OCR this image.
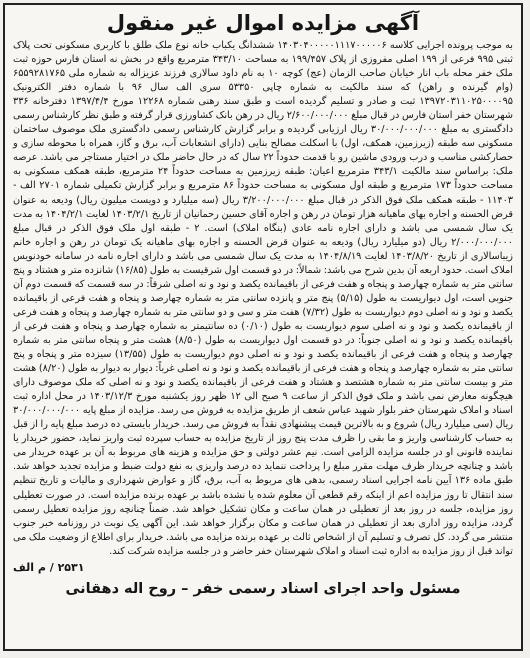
آگهی مزایده اموال غیر منقول

به موجب پرونده اجرایی کلاسه ۱۴۰۳۰۴۰۰۰۰۰۱۱۱۷۰۰۰۰۰۶ ششدانگ یکباب خانه نوع ملک طلق با کاربری مسکونی تحت پلاک ثبتی ۹۹۵ فرعی از ۱۹۹ اصلی مفروزی از پلاک ۱۹۹/۴۵۷ به مساحت ۳۴۳/۱۰ مترمربع واقع در بخش نه استان فارس حوزه ثبت ملک خفر محله باب انار خیابان صاحب الزمان (عج) کوچه ۱۰ به نام داود سالاری فرزند عزیزاله به شماره ملی ۶۵۵۹۲۸۱۷۶۵ (وام گیرنده و راهن) که سند مالکیت به شماره چاپی ۵۳۳۵۰ سری الف سال ۹۶ با شماره دفتر الکترونیک ۱۳۹۷۲۰۳۱۱۰۲۵۰۰۰۰۹۵ ثبت و صادر و تسلیم گردیده است و طبق سند رهنی شماره ۱۲۲۶۸ مورخ ۱۳۹۷/۴/۴ دفترخانه ۳۳۶ شهرستان خفر استان فارس در قبال مبلغ ۲/۶۰۰/۰۰۰/۰۰۰ ریال در رهن بانک کشاورزی قرار گرفته و طبق نظر کارشناس رسمی دادگستری به مبلغ ۳۰/۰۰۰/۰۰۰/۰۰۰ ریال ارزیابی گردیده و برابر گزارش کارشناس رسمی دادگستری ملک موصوف ساختمان مسکونی سه طبقه (زیرزمین، همکف، اول) با اسکلت مصالح بنایی (دارای انشعابات آب، برق و گاز، همراه با محوطه سازی و حصارکشی مناسب و درب ورودی ماشین رو با قدمت حدوداً ۲۲ سال که در حال حاضر ملک در اختیار مستاجر می باشد. عرصه ملک: براساس سند مالکیت ۳۴۳/۱ مترمربع اعیان: طبقه زیرزمین به مساحت حدوداً ۲۴ مترمربع، طبقه همکف مسکونی به مساحت حدوداً ۱۷۳ مترمربع و طبقه اول مسکونی به مساحت حدوداً ۸۶ مترمربع و برابر گزارش تکمیلی شماره ۲۷۰۱ الف - ۱۱۴۰۳ - طبقه همکف ملک فوق الذکر در قبال مبلغ ۳/۲۰۰/۰۰۰/۰۰۰ ریال (سه میلیارد و دویست میلیون ریال) ودیعه به عنوان قرض الحسنه و اجاره بهای ماهیانه هزار تومان در رهن و اجاره آقای حسین رحمانیان از تاریخ ۱۴۰۳/۲/۱ لغایت ۱۴۰۴/۲/۱ به مدت یک سال شمسی می باشد و دارای اجاره نامه عادی (بنگاه املاک) است. ۲ - طبقه اول ملک فوق الذکر در قبال مبلغ ۲/۰۰۰/۰۰۰/۰۰۰ ریال (دو میلیارد ریال) ودیعه به عنوان قرض الحسنه و اجاره بهای ماهیانه یک تومان در رهن و اجاره خانم زیباسالاری از تاریخ ۱۴۰۳/۸/۲۰ لغایت ۱۴۰۴/۸/۱۹ به مدت یک سال شمسی می باشد و دارای اجاره نامه در سامانه خودنویس املاک است. حدود اربعه آن بدین شرح می باشد: شمالاً: در دو قسمت اول شرقیست به طول (۱۶/۸۵) شانزده متر و هشتاد و پنج سانتی متر به شماره چهارصد و پنجاه و هفت فرعی از باقیمانده یکصد و نود و نه اصلی شرقاً: در سه قسمت که قسمت دوم آن جنوبی است، اول دیواریست به طول (۵/۱۵) پنج متر و پانزده سانتی متر به شماره چهارصد و پنجاه و هفت فرعی از باقیمانده یکصد و نود و نه اصلی دوم دیواریست به طول (۷/۳۲) هفت متر و سی و دو سانتی متر به شماره چهارصد و پنجاه و هفت فرعی از باقیمانده یکصد و نود و نه اصلی سوم دیواریست به طول (۰/۱۰) ده سانتیمتر به شماره چهارصد و پنجاه و هفت فرعی از باقیمانده یکصد و نود و نه اصلی جنوباً: در دو قسمت اول دیواریست به طول (۸/۵۰) هشت متر و پنجاه سانتی متر به شماره چهارصد و پنجاه و هفت فرعی از باقیمانده یکصد و نود و نه اصلی دوم دیواریست به طول (۱۳/۵۵) سیزده متر و پنجاه و پنج سانتی متر به شماره چهارصد و پنجاه و هفت فرعی از باقیمانده یکصد و نود و نه اصلی غرباً: دیوار به دیوار به طول (۸/۲۰) هشت متر و بیست سانتی متر به شماره هشتصد و هشتاد و هفت فرعی از باقیمانده یکصد و نود و نه اصلی که ملک موصوف دارای هیچگونه معارض نمی باشد و ملک فوق الذکر از ساعت ۹ صبح الی ۱۲ ظهر روز یکشنبه مورخ ۱۴۰۳/۱۲/۳ در محل اداره ثبت اسناد و املاک شهرستان خفر بلوار شهید عباس شعف از طریق مزایده به فروش می رسد. مزایده از مبلغ پایه ۳۰/۰۰۰/۰۰۰/۰۰۰ ریال (سی میلیارد ریال) شروع و به بالاترین قیمت پیشنهادی نقداً به فروش می رسد. خریدار بایستی ده درصد مبلغ پایه را از قبل به حساب کارشناسی واریز و ما بقی را ظرف مدت پنج روز از تاریخ مزایده به حساب سپرده ثبت واریز نماید، حضور خریدار یا نماینده قانونی او در جلسه مزایده الزامی است. نیم عشر دولتی و حق مزایده و هزینه های مربوط به آن بر عهده خریدار می باشد و چنانچه خریدار ظرف مهلت مقرر مبلغ را پرداخت ننماید ده درصد واریزی به نفع دولت ضبط و مزایده تجدید خواهد شد. طبق ماده ۱۳۶ آیین نامه اجرایی اسناد رسمی، بدهی های مربوط به آب، برق، گاز و عوارض شهرداری و مالیات و تاریخ تنظیم سند انتقال تا روز مزایده اعم از اینکه رقم قطعی آن معلوم شده یا نشده باشد بر عهده برنده مزایده است. در صورت تعطیلی روز مزایده، جلسه در روز بعد از تعطیلی در همان ساعت و مکان تشکیل خواهد شد. ضمناً چنانچه روز مزایده تعطیل رسمی گردد، مزایده روز اداری بعد از تعطیلی در همان ساعت و مکان برگزار خواهد شد. این آگهی یک نوبت در روزنامه خبر جنوب منتشر می گردد. کل تصرف و تسلیم آن از اشخاص ثالث بر عهده برنده مزایده می باشد. خریدار برای اطلاع از وضعیت ملک می تواند قبل از روز مزایده به اداره ثبت اسناد و املاک شهرستان خفر حاضر و در جلسه مزایده شرکت کند.

۲۵۳۱ / م الف
مسئول واحد اجرای اسناد رسمی خفر – روح اله دهقانی
